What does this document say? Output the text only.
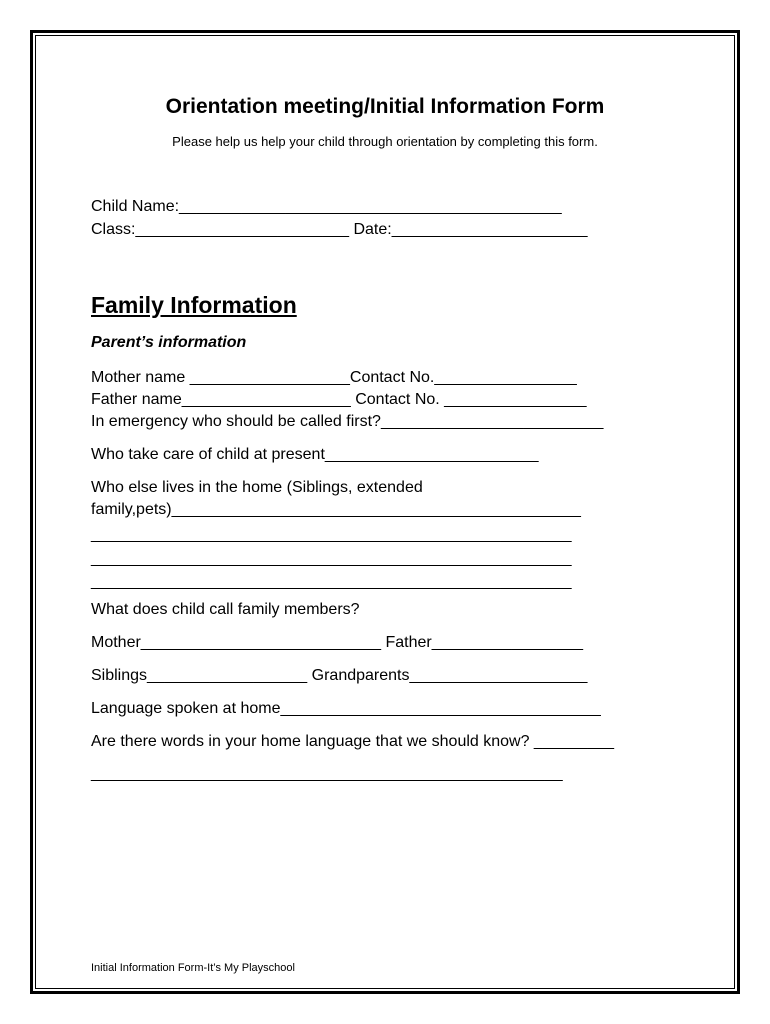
Orientation meeting/Initial Information Form
Please help us help your child through orientation by completing this form.
Child Name:___________________________________________
Class:________________________ Date:______________________
Family Information
Parent’s information
Mother name __________________Contact No.________________
Father name___________________ Contact No. ________________
In emergency who should be called first?_________________________
Who take care of child at present________________________
Who else lives in the home (Siblings, extended
family,pets)______________________________________________
______________________________________________________
______________________________________________________
______________________________________________________
What does child call family members?
Mother___________________________ Father_________________
Siblings__________________ Grandparents____________________
Language spoken at home____________________________________
Are there words in your home language that we should know? _________
_____________________________________________________
Initial Information Form-It’s My Playschool
